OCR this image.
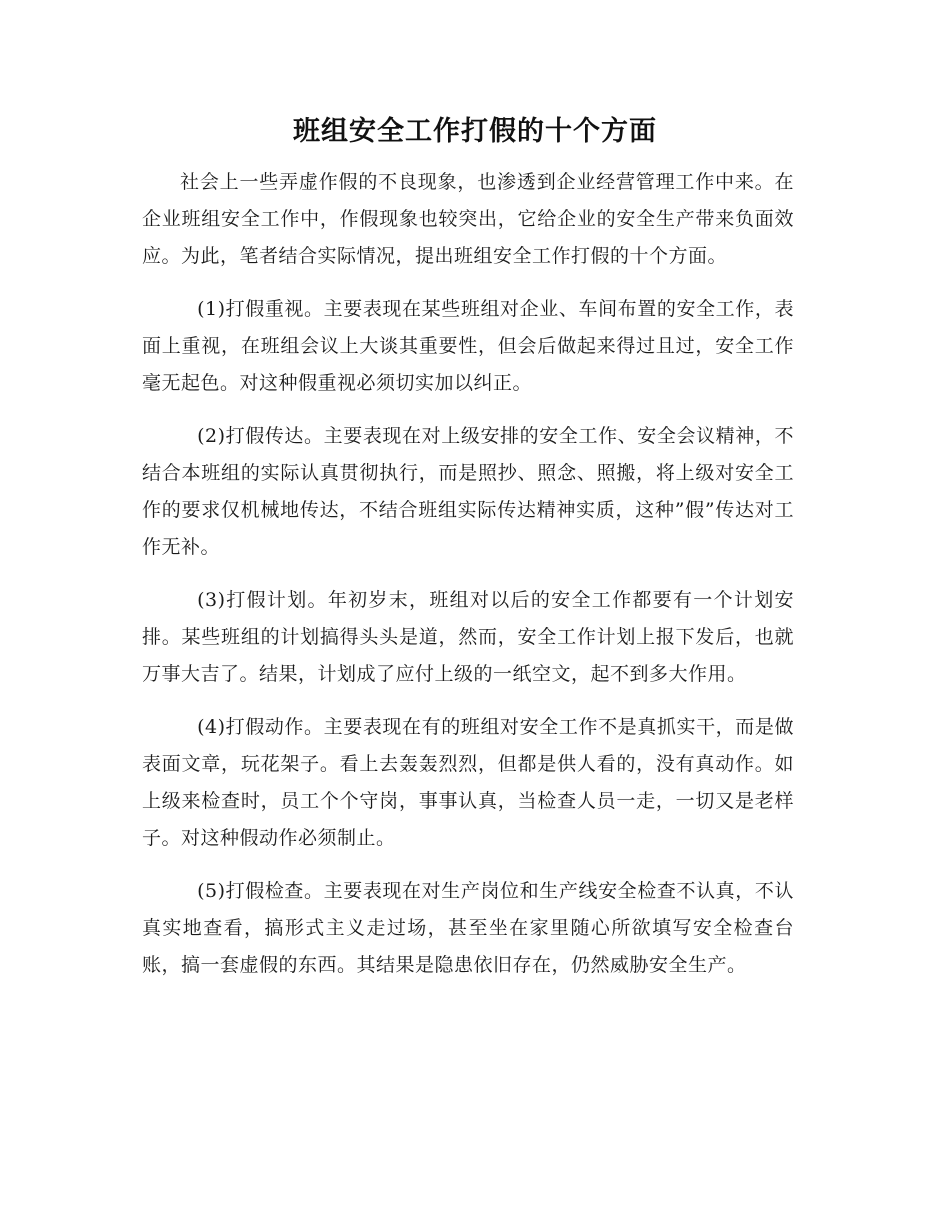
班组安全工作打假的十个方面

社会上一些弄虚作假的不良现象，也渗透到企业经营管理工作中来。在企业班组安全工作中，作假现象也较突出，它给企业的安全生产带来负面效应。为此，笔者结合实际情况，提出班组安全工作打假的十个方面。

(1)打假重视。主要表现在某些班组对企业、车间布置的安全工作，表面上重视，在班组会议上大谈其重要性，但会后做起来得过且过，安全工作毫无起色。对这种假重视必须切实加以纠正。

(2)打假传达。主要表现在对上级安排的安全工作、安全会议精神，不结合本班组的实际认真贯彻执行，而是照抄、照念、照搬，将上级对安全工作的要求仅机械地传达，不结合班组实际传达精神实质，这种”假”传达对工作无补。

(3)打假计划。年初岁末，班组对以后的安全工作都要有一个计划安排。某些班组的计划搞得头头是道，然而，安全工作计划上报下发后，也就万事大吉了。结果，计划成了应付上级的一纸空文，起不到多大作用。

(4)打假动作。主要表现在有的班组对安全工作不是真抓实干，而是做表面文章，玩花架子。看上去轰轰烈烈，但都是供人看的，没有真动作。如上级来检查时，员工个个守岗，事事认真，当检查人员一走，一切又是老样子。对这种假动作必须制止。

(5)打假检查。主要表现在对生产岗位和生产线安全检查不认真，不认真实地查看，搞形式主义走过场，甚至坐在家里随心所欲填写安全检查台账，搞一套虚假的东西。其结果是隐患依旧存在，仍然威胁安全生产。
